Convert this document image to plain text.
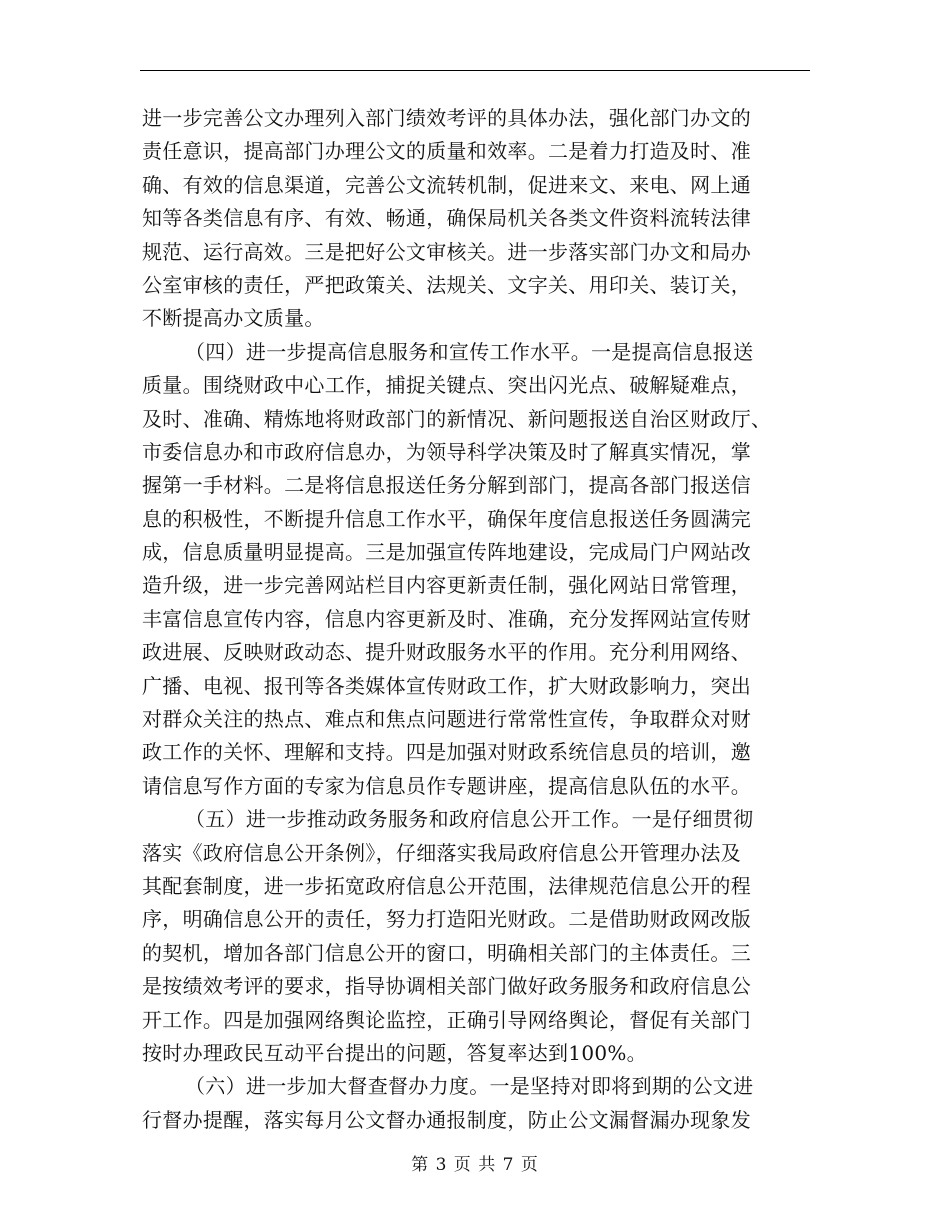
进一步完善公文办理列入部门绩效考评的具体办法，强化部门办文的
责任意识，提高部门办理公文的质量和效率。二是着力打造及时、准
确、有效的信息渠道，完善公文流转机制，促进来文、来电、网上通
知等各类信息有序、有效、畅通，确保局机关各类文件资料流转法律
规范、运行高效。三是把好公文审核关。进一步落实部门办文和局办
公室审核的责任，严把政策关、法规关、文字关、用印关、装订关，
不断提高办文质量。
（四）进一步提高信息服务和宣传工作水平。一是提高信息报送
质量。围绕财政中心工作，捕捉关键点、突出闪光点、破解疑难点，
及时、准确、精炼地将财政部门的新情况、新问题报送自治区财政厅、
市委信息办和市政府信息办，为领导科学决策及时了解真实情况，掌
握第一手材料。二是将信息报送任务分解到部门，提高各部门报送信
息的积极性，不断提升信息工作水平，确保年度信息报送任务圆满完
成，信息质量明显提高。三是加强宣传阵地建设，完成局门户网站改
造升级，进一步完善网站栏目内容更新责任制，强化网站日常管理，
丰富信息宣传内容，信息内容更新及时、准确，充分发挥网站宣传财
政进展、反映财政动态、提升财政服务水平的作用。充分利用网络、
广播、电视、报刊等各类媒体宣传财政工作，扩大财政影响力，突出
对群众关注的热点、难点和焦点问题进行常常性宣传，争取群众对财
政工作的关怀、理解和支持。四是加强对财政系统信息员的培训，邀
请信息写作方面的专家为信息员作专题讲座，提高信息队伍的水平。
（五）进一步推动政务服务和政府信息公开工作。一是仔细贯彻
落实《政府信息公开条例》，仔细落实我局政府信息公开管理办法及
其配套制度，进一步拓宽政府信息公开范围，法律规范信息公开的程
序，明确信息公开的责任，努力打造阳光财政。二是借助财政网改版
的契机，增加各部门信息公开的窗口，明确相关部门的主体责任。三
是按绩效考评的要求，指导协调相关部门做好政务服务和政府信息公
开工作。四是加强网络舆论监控，正确引导网络舆论，督促有关部门
按时办理政民互动平台提出的问题，答复率达到100%。
（六）进一步加大督查督办力度。一是坚持对即将到期的公文进
行督办提醒，落实每月公文督办通报制度，防止公文漏督漏办现象发
第 3 页 共 7 页
